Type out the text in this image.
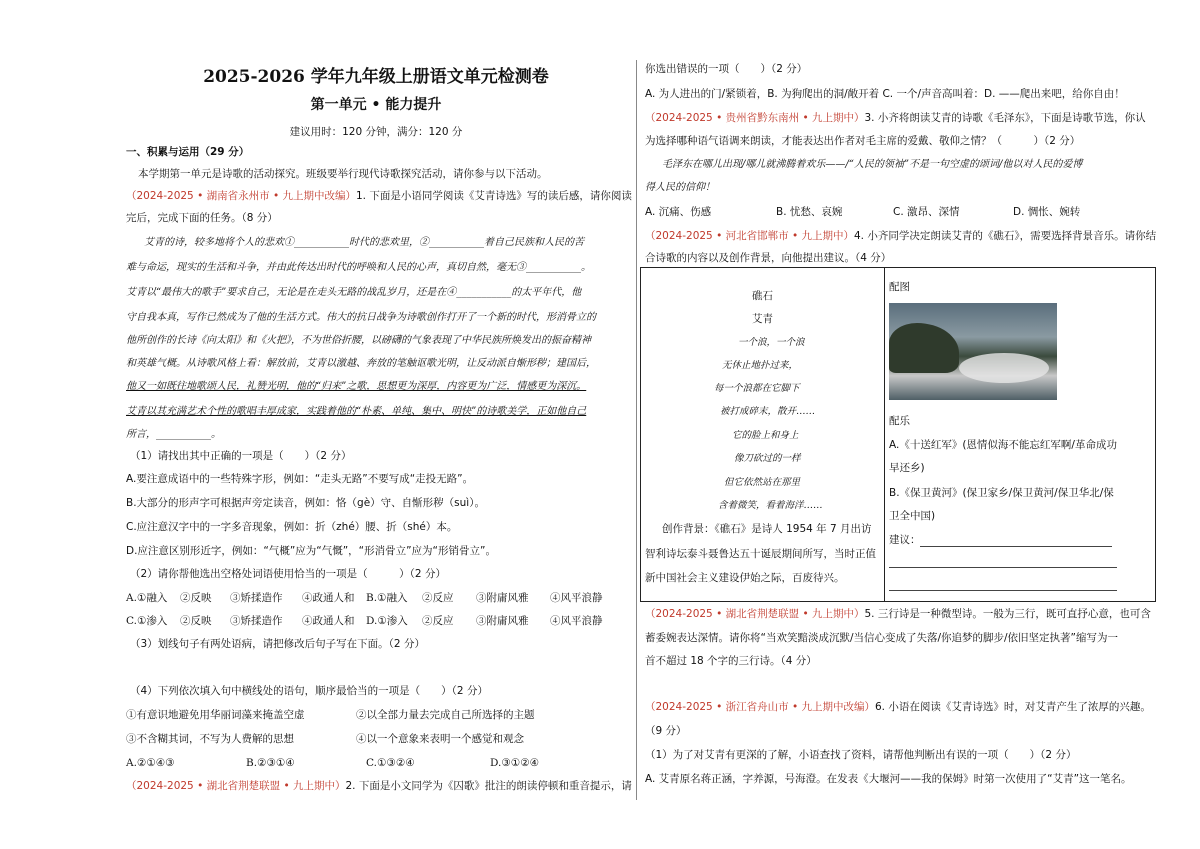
2025-2026 学年九年级上册语文单元检测卷
第一单元 • 能力提升
建议用时：120 分钟，满分：120 分
一、积累与运用（29 分）
本学期第一单元是诗歌的活动探究。班级要举行现代诗歌探究活动，请你参与以下活动。
（2024-2025 • 湖南省永州市 • 九上期中改编）1. 下面是小语同学阅读《艾青诗选》写的读后感，请你阅读
完后，完成下面的任务。（8 分）
艾青的诗，较多地将个人的悲欢①___________时代的悲欢里，②___________着自己民族和人民的苦
难与命运，现实的生活和斗争，并由此传达出时代的呼唤和人民的心声，真切自然，毫无③___________。
艾青以“最伟大的歌手”要求自己，无论是在走头无路的战乱岁月，还是在④___________的太平年代，他
守自我本真，写作已然成为了他的生活方式。伟大的抗日战争为诗歌创作打开了一个新的时代，形消骨立的
他所创作的长诗《向太阳》和《火把》，不为世俗折腰，以磅礴的气象表现了中华民族所焕发出的振奋精神
和英雄气概。从诗歌风格上看：解放前，艾青以激越、奔放的笔触讴歌光明，让反动派自惭形秽；建国后，
他又一如既往地歌颂人民，礼赞光明，他的“归来”之歌，思想更为深厚，内容更为广泛，情感更为深沉。
艾青以其充满艺术个性的歌唱丰厚成家，实践着他的“朴素、单纯、集中、明快”的诗歌美学，正如他自己
所言，___________。
（1）请找出其中正确的一项是（　　）（2 分）
A.要注意成语中的一些特殊字形，例如：“走头无路”不要写成“走投无路”。
B.大部分的形声字可根据声旁定读音，例如：恪（gè）守、自惭形秽（suì）。
C.应注意汉字中的一字多音现象，例如：折（zhé）腰、折（shé）本。
D.应注意区别形近字，例如：“气概”应为“气慨”，“形消骨立”应为“形销骨立”。
（2）请你帮他选出空格处词语使用恰当的一项是（　　　）（2 分）
A.①融入 ②反映 ③矫揉造作 ④政通人和 B.①融入 ②反应 ③附庸风雅 ④风平浪静
C.①渗入 ②反映 ③矫揉造作 ④政通人和 D.①渗入 ②反应 ③附庸风雅 ④风平浪静
（3）划线句子有两处语病，请把修改后句子写在下面。（2 分）
（4）下列依次填入句中横线处的语句，顺序最恰当的一项是（　　）（2 分）
①有意识地避免用华丽词藻来掩盖空虚	②以全部力量去完成自己所选择的主题
③不含糊其词，不写为人费解的思想	④以一个意象来表明一个感觉和观念
A.②①④③	B.②③①④	C.①③②④	D.③①②④
（2024-2025 • 湖北省荆楚联盟 • 九上期中）2. 下面是小文同学为《囚歌》批注的朗读停顿和重音提示，请
你选出错误的一项（　　）（2 分）
A. 为人进出的门/紧锁着，B. 为狗爬出的洞/敞开着 C. 一个/声音高叫着：D. ——爬出来吧，给你自由！
（2024-2025 • 贵州省黔东南州 • 九上期中）3. 小齐将朗读艾青的诗歌《毛泽东》，下面是诗歌节选，你认
为选择哪种语气语调来朗读，才能表达出作者对毛主席的爱戴、敬仰之情？（　　　）（2 分）
毛泽东在哪儿出现/哪儿就沸腾着欢乐——/“人民的领袖”不是一句空虚的颂词/他以对人民的爱博
得人民的信仰！
A. 沉痛、伤感	B. 忧愁、哀婉	C. 激昂、深情	D. 惆怅、婉转
（2024-2025 • 河北省邯郸市 • 九上期中）4. 小齐同学决定朗读艾青的《礁石》，需要选择背景音乐。请你结
合诗歌的内容以及创作背景，向他提出建议。（4 分）
礁石
艾青
一个浪，一个浪
无休止地扑过来，
每一个浪都在它脚下
被打成碎末，散开……
它的脸上和身上
像刀砍过的一样
但它依然站在那里
含着微笑，看着海洋……
创作背景：《礁石》是诗人 1954 年 7 月出访
智利诗坛泰斗聂鲁达五十诞辰期间所写，当时正值
新中国社会主义建设伊始之际，百废待兴。
配图
配乐
A.《十送红军》(恩情似海不能忘红军啊/革命成功
早还乡)
B.《保卫黄河》(保卫家乡/保卫黄河/保卫华北/保
卫全中国)
建议：
（2024-2025 • 湖北省荆楚联盟 • 九上期中）5. 三行诗是一种微型诗。一般为三行，既可直抒心意，也可含
蓄委婉表达深情。请你将“当欢笑黯淡成沉默/当信心变成了失落/你追梦的脚步/依旧坚定执著”缩写为一
首不超过 18 个字的三行诗。（4 分）
（2024-2025 • 浙江省舟山市 • 九上期中改编）6. 小语在阅读《艾青诗选》时，对艾青产生了浓厚的兴趣。
（9 分）
（1）为了对艾青有更深的了解，小语查找了资料，请帮他判断出有误的一项（　　）（2 分）
A. 艾青原名蒋正涵，字养源，号海澄。在发表《大堰河——我的保姆》时第一次使用了“艾青”这一笔名。
